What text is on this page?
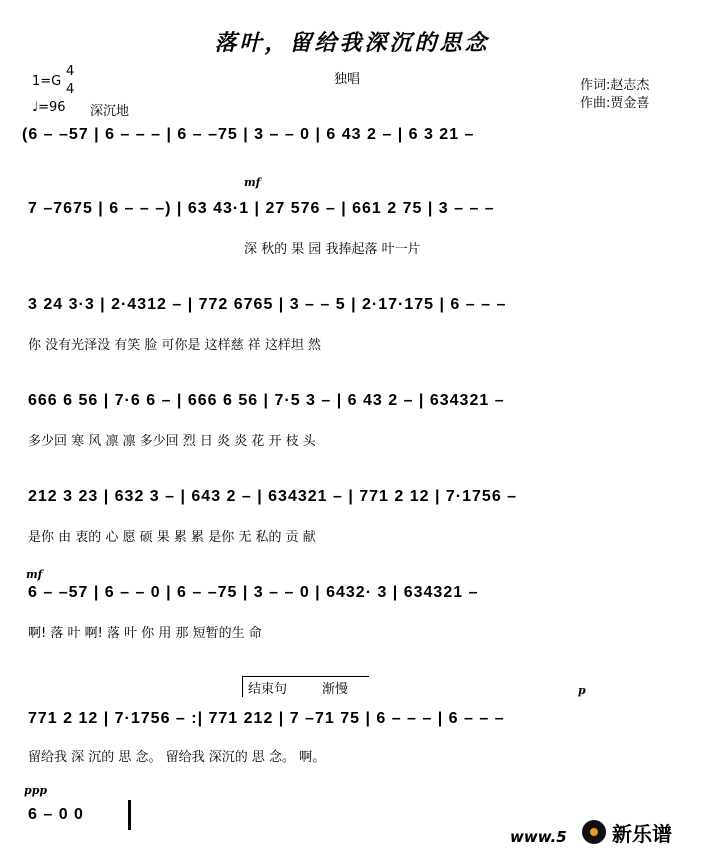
落叶，留给我深沉的思念
1=G
4
4
♩=96 深沉地
独唱	作词:赵志杰
作曲:贾金喜
(6 – –57 | 6 – – – | 6 – –75 | 3 – – 0 | 6 43 2 – | 6 3 21 –
mf
7 –7675 | 6 – – –) | 63 43·1 | 27 576 – | 661 2 75 | 3 – – –
深 秋的 果 园 我捧起落 叶一片
3 24 3·3 | 2·4312 – | 772 6765 | 3 – – 5 | 2·17·175 | 6 – – –
你 没有光泽没 有笑 脸 可你是 这样慈 祥 这样坦 然
666 6 56 | 7·6 6 – | 666 6 56 | 7·5 3 – | 6 43 2 – | 634321 –
多少回 寒 风 凛 凛 多少回 烈 日 炎 炎 花 开 枝 头
212 3 23 | 632 3 – | 643 2 – | 634321 – | 771 2 12 | 7·1756 –
是你 由 衷的 心 愿 硕 果 累 累 是你 无 私的 贡 献
mf
6 – –57 | 6 – – 0 | 6 – –75 | 3 – – 0 | 6432· 3 | 634321 –
啊! 落 叶 啊! 落 叶 你 用 那 短暂的生 命
结束句	渐慢	p
771 2 12 | 7·1756 – :| 771 212 | 7 –71 75 | 6 – – – | 6 – – –
留给我 深 沉的 思 念。 留给我 深沉的 思 念。 啊。
ppp
6 – 0 0
www.5 新乐谱
